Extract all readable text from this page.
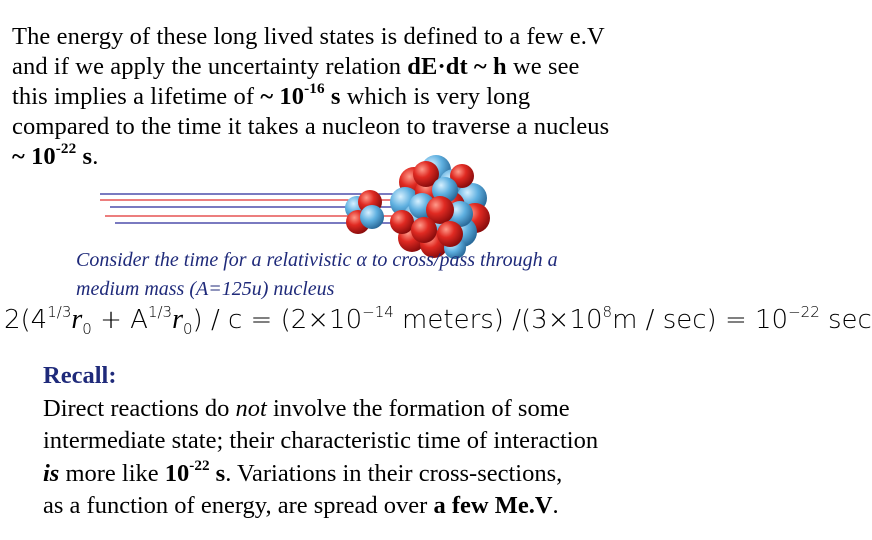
The energy of these long lived states is defined to a few e.V
and if we apply the uncertainty relation dE·dt ~ h we see
this implies a lifetime of ~ $10^{-16}$ s which is very long
compared to the time it takes a nucleon to traverse a nucleus
~ $10^{-22}$ s.
Consider the time for a relativistic α to cross/pass through a
medium mass (A=125u) nucleus
$2(4^{1/3}r_0 + A^{1/3}r_0) / c = (2\times 10^{-14}$ meters) $/(3\times 10^8m / \sec) = 10^{-22}$ sec
Recall:
Direct reactions do not involve the formation of some
intermediate state; their characteristic time of interaction
is more like $10^{-22}$ s. Variations in their cross-sections,
as a function of energy, are spread over a few Me.V.
